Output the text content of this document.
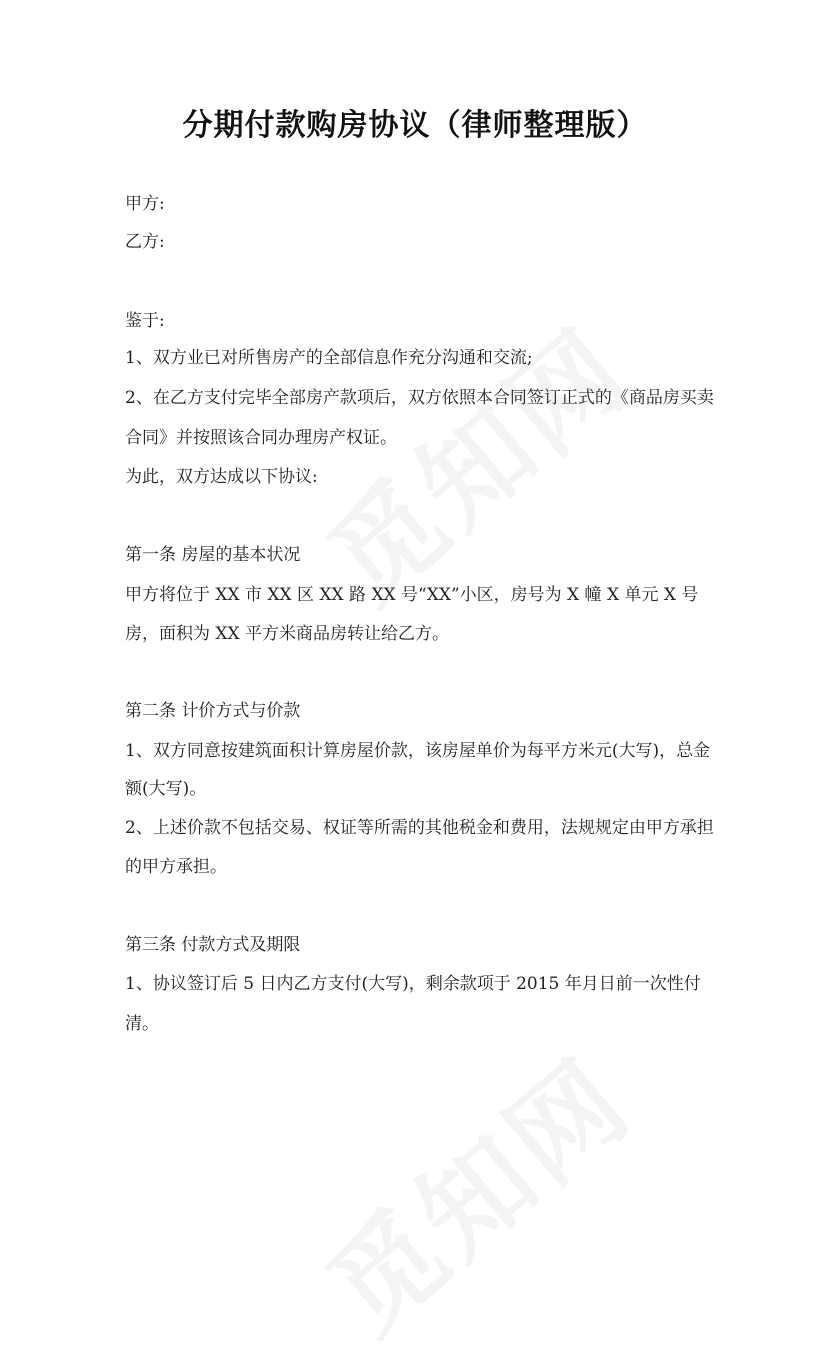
分期付款购房协议（律师整理版）
甲方:
乙方:
鉴于:
1、双方业已对所售房产的全部信息作充分沟通和交流;
2、在乙方支付完毕全部房产款项后，双方依照本合同签订正式的《商品房买卖
合同》并按照该合同办理房产权证。
为此，双方达成以下协议:
第一条 房屋的基本状况
甲方将位于 XX 市 XX 区 XX 路 XX 号“XX”小区，房号为 X 幢 X 单元 X 号
房，面积为 XX 平方米商品房转让给乙方。
第二条 计价方式与价款
1、双方同意按建筑面积计算房屋价款，该房屋单价为每平方米元(大写)，总金
额(大写)。
2、上述价款不包括交易、权证等所需的其他税金和费用，法规规定由甲方承担
的甲方承担。
第三条 付款方式及期限
1、协议签订后 5 日内乙方支付(大写)，剩余款项于 2015 年月日前一次性付
清。
